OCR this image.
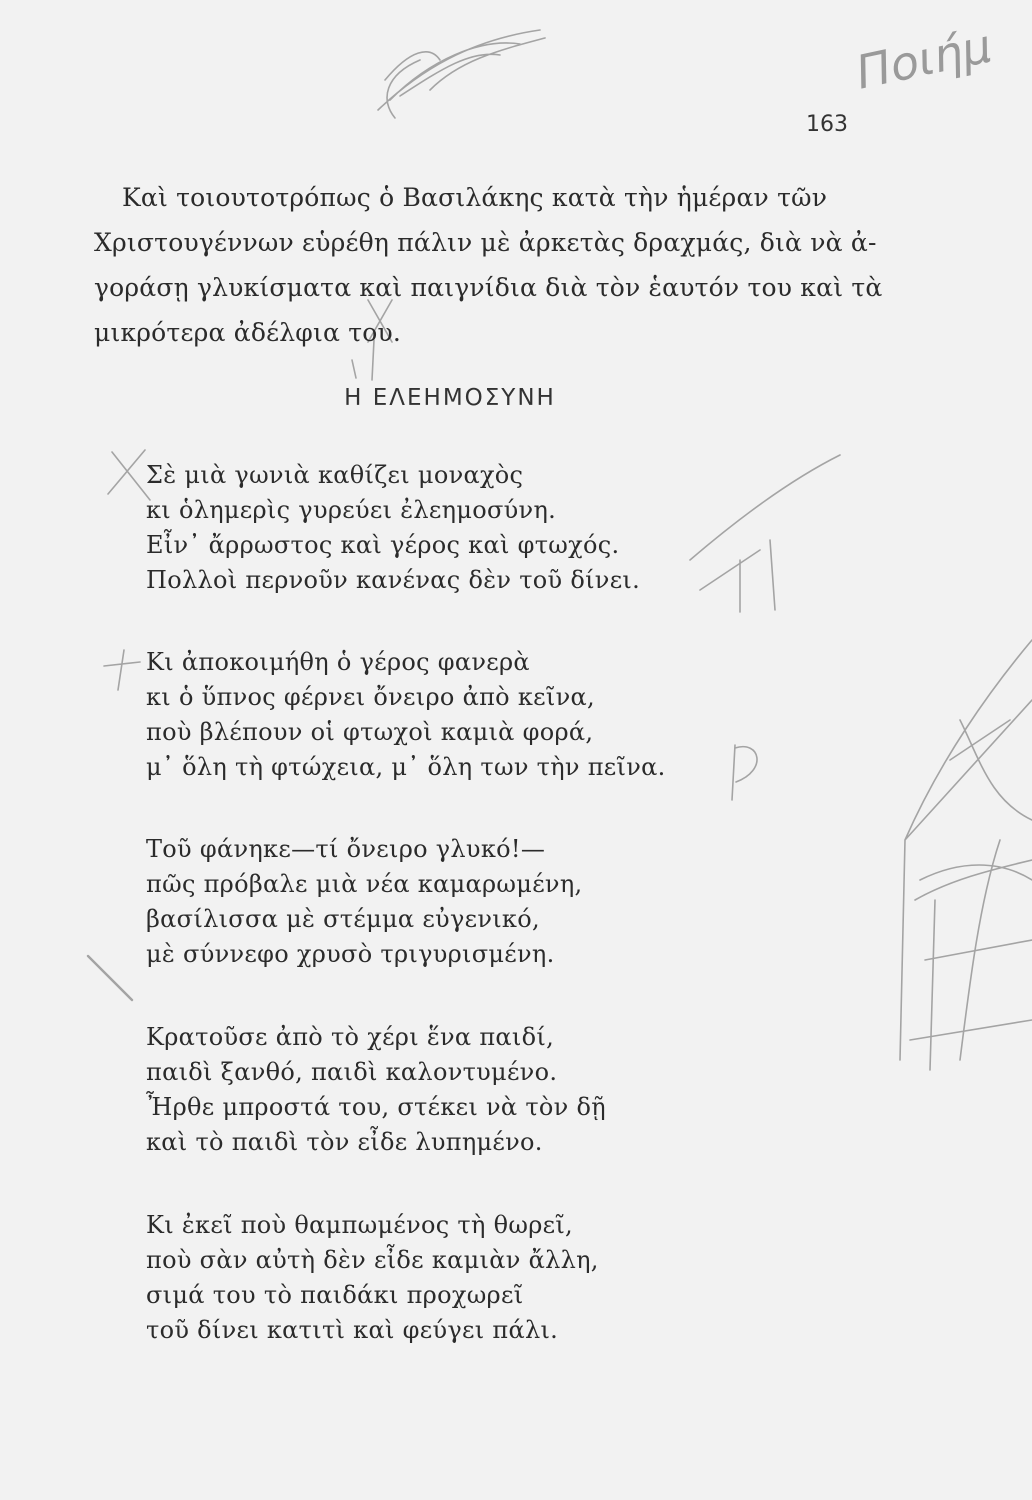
Ποιήμ
163
Καὶ τοιουτοτρόπως ὁ Βασιλάκης κατὰ τὴν ἡμέραν τῶν
Χριστουγέννων εὑρέθη πάλιν μὲ ἀρκετὰς δραχμάς, διὰ νὰ ἀ-
γοράσῃ γλυκίσματα καὶ παιγνίδια διὰ τὸν ἑαυτόν του καὶ τὰ
μικρότερα ἀδέλφια του.
Η ΕΛΕΗΜΟΣΥΝΗ
Σὲ μιὰ γωνιὰ καθίζει μοναχὸς
κι ὁλημερὶς γυρεύει ἐλεημοσύνη.
Εἶν᾽ ἄρρωστος καὶ γέρος καὶ φτωχός.
Πολλοὶ περνοῦν κανένας δὲν τοῦ δίνει.
Κι ἀποκοιμήθη ὁ γέρος φανερὰ
κι ὁ ὕπνος φέρνει ὄνειρο ἀπὸ κεῖνα,
ποὺ βλέπουν οἱ φτωχοὶ καμιὰ φορά,
μ᾽ ὅλη τὴ φτώχεια, μ᾽ ὅλη των τὴν πεῖνα.
Τοῦ φάνηκε—τί ὄνειρο γλυκό!—
πῶς πρόβαλε μιὰ νέα καμαρωμένη,
βασίλισσα μὲ στέμμα εὐγενικό,
μὲ σύννεφο χρυσὸ τριγυρισμένη.
Κρατοῦσε ἀπὸ τὸ χέρι ἕνα παιδί,
παιδὶ ξανθό, παιδὶ καλοντυμένο.
Ἦρθε μπροστά του, στέκει νὰ τὸν δῇ
καὶ τὸ παιδὶ τὸν εἶδε λυπημένο.
Κι ἐκεῖ ποὺ θαμπωμένος τὴ θωρεῖ,
ποὺ σὰν αὐτὴ δὲν εἶδε καμιὰν ἄλλη,
σιμά του τὸ παιδάκι προχωρεῖ
τοῦ δίνει κατιτὶ καὶ φεύγει πάλι.
